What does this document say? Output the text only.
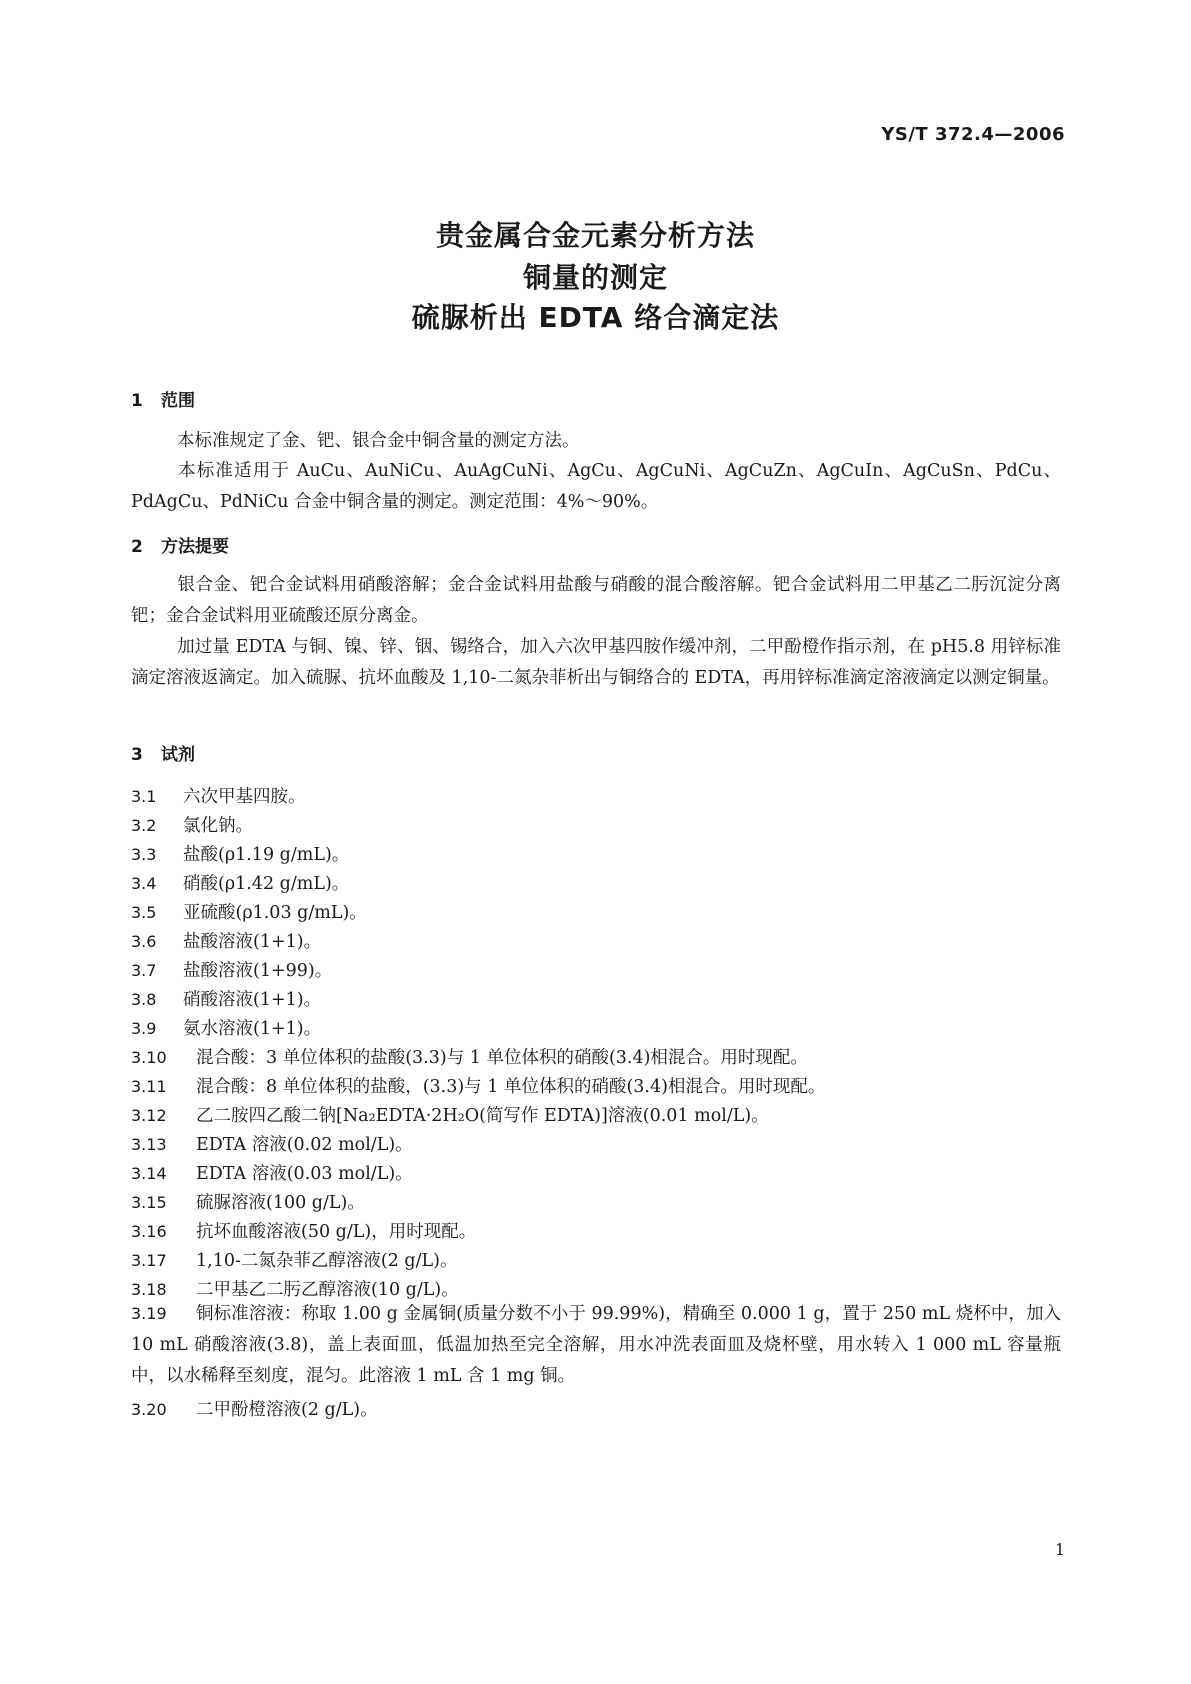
YS/T 372.4—2006
贵金属合金元素分析方法
铜量的测定
硫脲析出 EDTA 络合滴定法
1 范围
本标准规定了金、钯、银合金中铜含量的测定方法。
本标准适用于 AuCu、AuNiCu、AuAgCuNi、AgCu、AgCuNi、AgCuZn、AgCuIn、AgCuSn、PdCu、PdAgCu、PdNiCu 合金中铜含量的测定。测定范围：4%～90%。
2 方法提要
银合金、钯合金试料用硝酸溶解；金合金试料用盐酸与硝酸的混合酸溶解。钯合金试料用二甲基乙二肟沉淀分离钯；金合金试料用亚硫酸还原分离金。
加过量 EDTA 与铜、镍、锌、铟、锡络合，加入六次甲基四胺作缓冲剂，二甲酚橙作指示剂，在 pH5.8 用锌标准滴定溶液返滴定。加入硫脲、抗坏血酸及 1,10-二氮杂菲析出与铜络合的 EDTA，再用锌标准滴定溶液滴定以测定铜量。
3 试剂
3.1 六次甲基四胺。
3.2 氯化钠。
3.3 盐酸(ρ1.19 g/mL)。
3.4 硝酸(ρ1.42 g/mL)。
3.5 亚硫酸(ρ1.03 g/mL)。
3.6 盐酸溶液(1+1)。
3.7 盐酸溶液(1+99)。
3.8 硝酸溶液(1+1)。
3.9 氨水溶液(1+1)。
3.10 混合酸：3 单位体积的盐酸(3.3)与 1 单位体积的硝酸(3.4)相混合。用时现配。
3.11 混合酸：8 单位体积的盐酸，(3.3)与 1 单位体积的硝酸(3.4)相混合。用时现配。
3.12 乙二胺四乙酸二钠[Na₂EDTA·2H₂O(简写作 EDTA)]溶液(0.01 mol/L)。
3.13 EDTA 溶液(0.02 mol/L)。
3.14 EDTA 溶液(0.03 mol/L)。
3.15 硫脲溶液(100 g/L)。
3.16 抗坏血酸溶液(50 g/L)，用时现配。
3.17 1,10-二氮杂菲乙醇溶液(2 g/L)。
3.18 二甲基乙二肟乙醇溶液(10 g/L)。
3.19 铜标准溶液：称取 1.00 g 金属铜(质量分数不小于 99.99%)，精确至 0.000 1 g，置于 250 mL 烧杯中，加入 10 mL 硝酸溶液(3.8)，盖上表面皿，低温加热至完全溶解，用水冲洗表面皿及烧杯壁，用水转入 1 000 mL 容量瓶中，以水稀释至刻度，混匀。此溶液 1 mL 含 1 mg 铜。
3.20 二甲酚橙溶液(2 g/L)。
1
